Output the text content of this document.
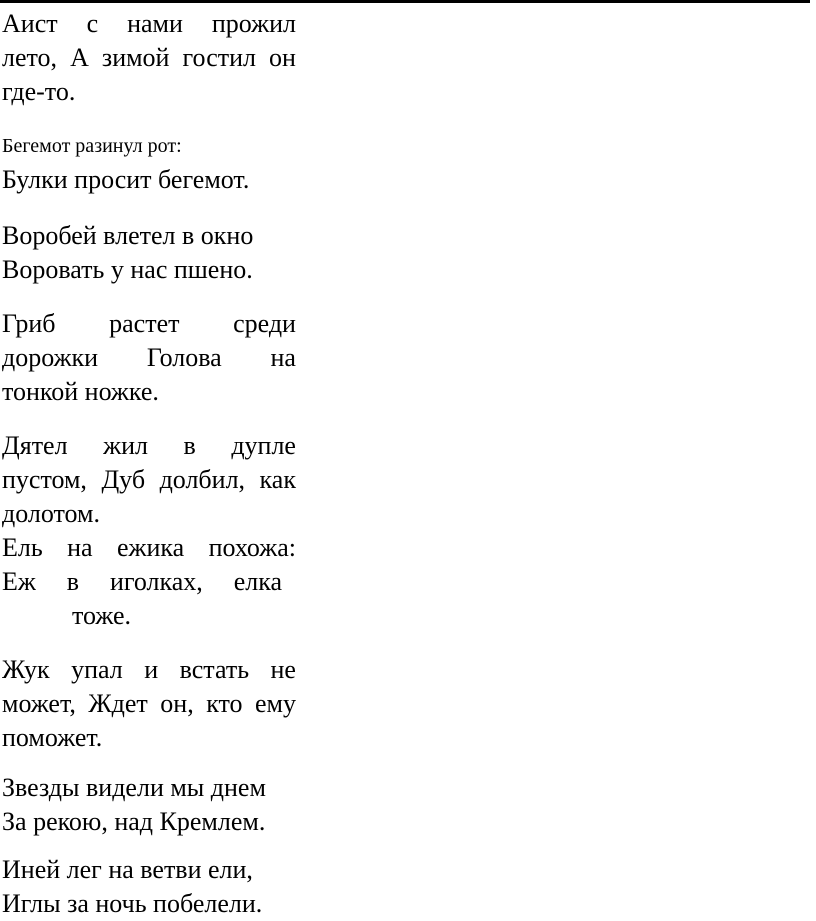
Аист с нами прожил
лето, А зимой гостил он
где-то.
Бегемот разинул рот:
Булки просит бегемот.
Воробей влетел в окно
Воровать у нас пшено.
Гриб растет среди
дорожки Голова на
тонкой ножке.
Дятел жил в дупле
пустом, Дуб долбил, как
долотом.
Ель на ежика похожа:
Еж в иголках, елка
тоже.
Жук упал и встать не
может, Ждет он, кто ему
поможет.
Звезды видели мы днем
За рекою, над Кремлем.
Иней лег на ветви ели,
Иглы за ночь побелели.
